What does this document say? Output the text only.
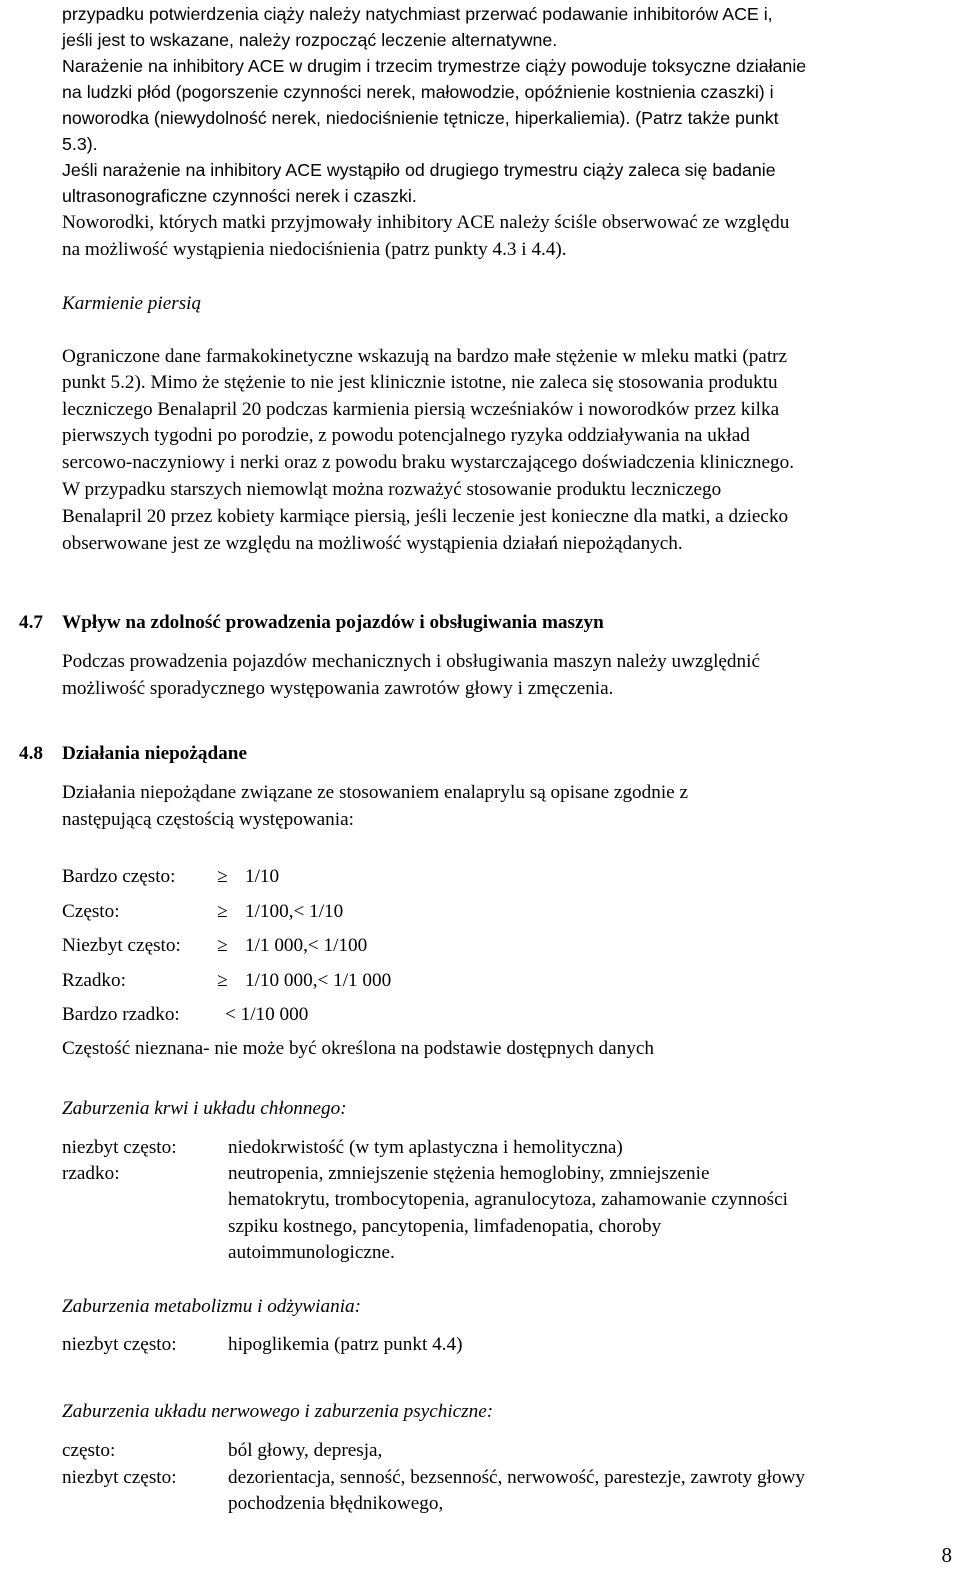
przypadku potwierdzenia ciąży należy natychmiast przerwać podawanie inhibitorów ACE i,
jeśli jest to wskazane, należy rozpocząć leczenie alternatywne.
Narażenie na inhibitory ACE w drugim i trzecim trymestrze ciąży powoduje toksyczne działanie
na ludzki płód (pogorszenie czynności nerek, małowodzie, opóźnienie kostnienia czaszki) i
noworodka (niewydolność nerek, niedociśnienie tętnicze, hiperkaliemia). (Patrz także punkt
5.3).
Jeśli narażenie na inhibitory ACE wystąpiło od drugiego trymestru ciąży zaleca się badanie
ultrasonograficzne czynności nerek i czaszki.
Noworodki, których matki przyjmowały inhibitory ACE należy ściśle obserwować ze względu
na możliwość wystąpienia niedociśnienia (patrz punkty 4.3 i 4.4).
Karmienie piersią
Ograniczone dane farmakokinetyczne wskazują na bardzo małe stężenie w mleku matki (patrz
punkt 5.2). Mimo że stężenie to nie jest klinicznie istotne, nie zaleca się stosowania produktu
leczniczego Benalapril 20 podczas karmienia piersią wcześniaków i noworodków przez kilka
pierwszych tygodni po porodzie, z powodu potencjalnego ryzyka oddziaływania na układ
sercowo-naczyniowy i nerki oraz z powodu braku wystarczającego doświadczenia klinicznego.
W przypadku starszych niemowląt można rozważyć stosowanie produktu leczniczego
Benalapril 20 przez kobiety karmiące piersią, jeśli leczenie jest konieczne dla matki, a dziecko
obserwowane jest ze względu na możliwość wystąpienia działań niepożądanych.
4.7 Wpływ na zdolność prowadzenia pojazdów i obsługiwania maszyn
Podczas prowadzenia pojazdów mechanicznych i obsługiwania maszyn należy uwzględnić
możliwość sporadycznego występowania zawrotów głowy i zmęczenia.
4.8 Działania niepożądane
Działania niepożądane związane ze stosowaniem enalaprylu są opisane zgodnie z
następującą częstością występowania:
Bardzo często: ≥ 1/10
Często:	≥ 1/100,< 1/10
Niezbyt często: ≥ 1/1 000,< 1/100
Rzadko:	≥ 1/10 000,< 1/1 000
Bardzo rzadko: < 1/10 000
Częstość nieznana- nie może być określona na podstawie dostępnych danych
Zaburzenia krwi i układu chłonnego:
niezbyt często:	niedokrwistość (w tym aplastyczna i hemolityczna)
rzadko:	neutropenia, zmniejszenie stężenia hemoglobiny, zmniejszenie
hematokrytu, trombocytopenia, agranulocytoza, zahamowanie czynności
szpiku kostnego, pancytopenia, limfadenopatia, choroby
autoimmunologiczne.
Zaburzenia metabolizmu i odżywiania:
niezbyt często:	hipoglikemia (patrz punkt 4.4)
Zaburzenia układu nerwowego i zaburzenia psychiczne:
często:	ból głowy, depresja,
niezbyt często:	dezorientacja, senność, bezsenność, nerwowość, parestezje, zawroty głowy
pochodzenia błędnikowego,
8
